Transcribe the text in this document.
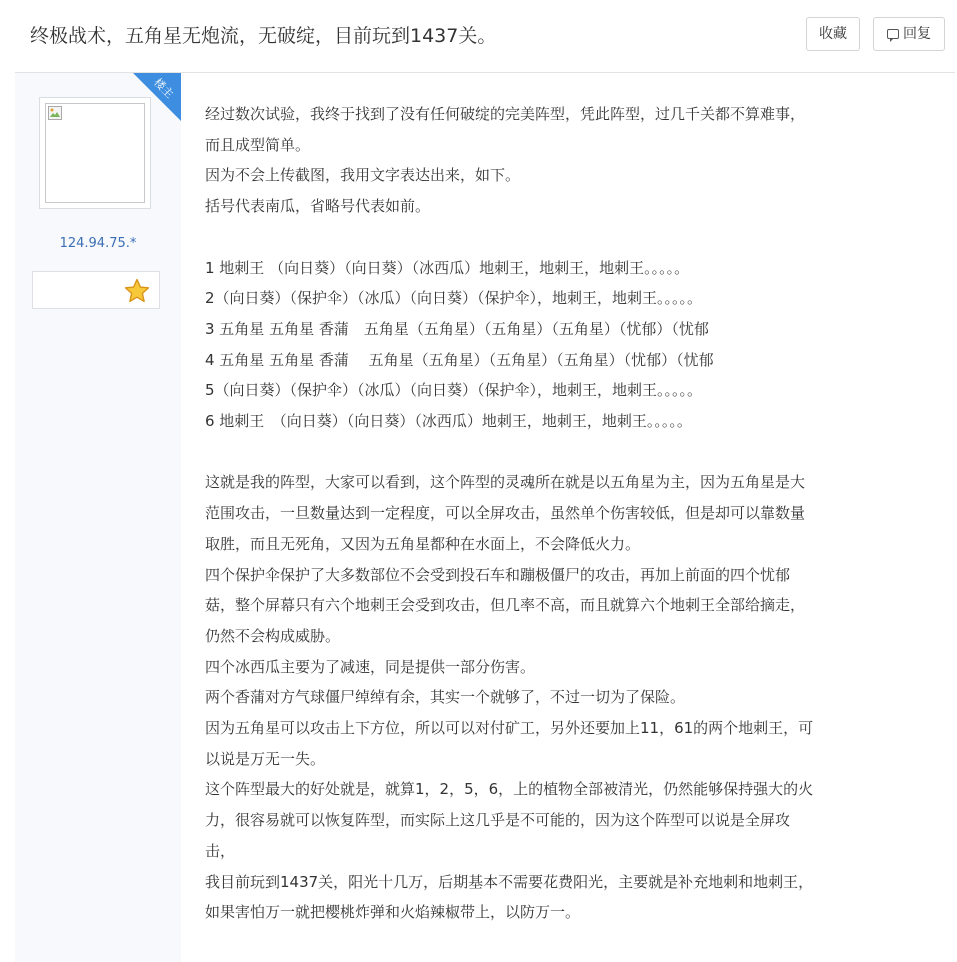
终极战术，五角星无炮流，无破绽，目前玩到1437关。	收藏	回复
楼主
124.94.75.*

经过数次试验，我终于找到了没有任何破绽的完美阵型，凭此阵型，过几千关都不算难事，

而且成型简单。

因为不会上传截图，我用文字表达出来，如下。

括号代表南瓜，省略号代表如前。

1 地刺王 （向日葵）（向日葵）（冰西瓜）地刺王，地刺王，地刺王。。。。。

2（向日葵）（保护伞）（冰瓜）（向日葵）（保护伞），地刺王，地刺王。。。。。

3 五角星 五角星 香蒲　五角星（五角星）（五角星）（五角星）（忧郁）（忧郁

4 五角星 五角星 香蒲　 五角星（五角星）（五角星）（五角星）（忧郁）（忧郁

5（向日葵）（保护伞）（冰瓜）（向日葵）（保护伞），地刺王，地刺王。。。。。

6 地刺王　（向日葵）（向日葵）（冰西瓜）地刺王，地刺王，地刺王。。。。。

这就是我的阵型，大家可以看到，这个阵型的灵魂所在就是以五角星为主，因为五角星是大

范围攻击，一旦数量达到一定程度，可以全屏攻击，虽然单个伤害较低，但是却可以靠数量

取胜，而且无死角，又因为五角星都种在水面上，不会降低火力。

四个保护伞保护了大多数部位不会受到投石车和蹦极僵尸的攻击，再加上前面的四个忧郁

菇，整个屏幕只有六个地刺王会受到攻击，但几率不高，而且就算六个地刺王全部给摘走，

仍然不会构成威胁。

四个冰西瓜主要为了减速，同是提供一部分伤害。

两个香蒲对方气球僵尸绰绰有余，其实一个就够了，不过一切为了保险。

因为五角星可以攻击上下方位，所以可以对付矿工，另外还要加上11，61的两个地刺王，可

以说是万无一失。

这个阵型最大的好处就是，就算1，2，5，6，上的植物全部被清光，仍然能够保持强大的火

力，很容易就可以恢复阵型，而实际上这几乎是不可能的，因为这个阵型可以说是全屏攻

击，

我目前玩到1437关，阳光十几万，后期基本不需要花费阳光，主要就是补充地刺和地刺王，

如果害怕万一就把樱桃炸弹和火焰辣椒带上，以防万一。
